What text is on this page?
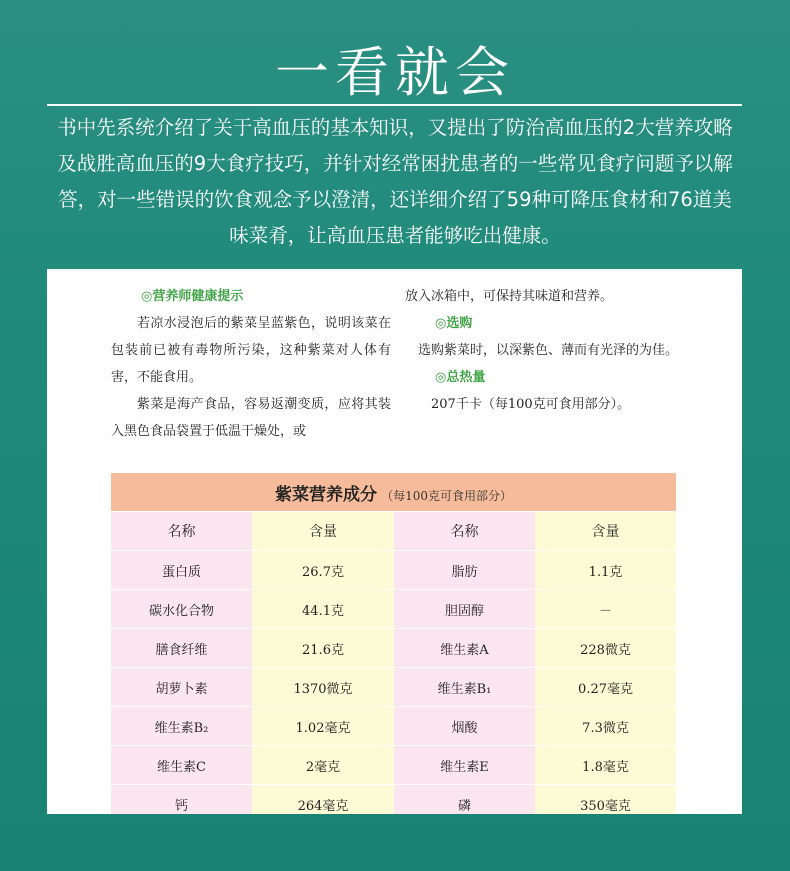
一看就会
书中先系统介绍了关于高血压的基本知识，又提出了防治高血压的2大营养攻略及战胜高血压的9大食疗技巧，并针对经常困扰患者的一些常见食疗问题予以解答，对一些错误的饮食观念予以澄清，还详细介绍了59种可降压食材和76道美味菜肴，让高血压患者能够吃出健康。
◎营养师健康提示

若凉水浸泡后的紫菜呈蓝紫色，说明该菜在包装前已被有毒物所污染，这种紫菜对人体有害，不能食用。

紫菜是海产食品，容易返潮变质，应将其装入黑色食品袋置于低温干燥处，或

放入冰箱中，可保持其味道和营养。

◎选购

选购紫菜时，以深紫色、薄而有光泽的为佳。

◎总热量

207千卡（每100克可食用部分）。

紫菜营养成分 （每100克可食用部分）			
名称	含量	名称	含量
蛋白质	26.7克	脂肪	1.1克
碳水化合物	44.1克	胆固醇	－
膳食纤维	21.6克	维生素A	228微克
胡萝卜素	1370微克	维生素B₁	0.27毫克
维生素B₂	1.02毫克	烟酸	7.3微克
维生素C	2毫克	维生素E	1.8毫克
钙	264毫克	磷	350毫克
